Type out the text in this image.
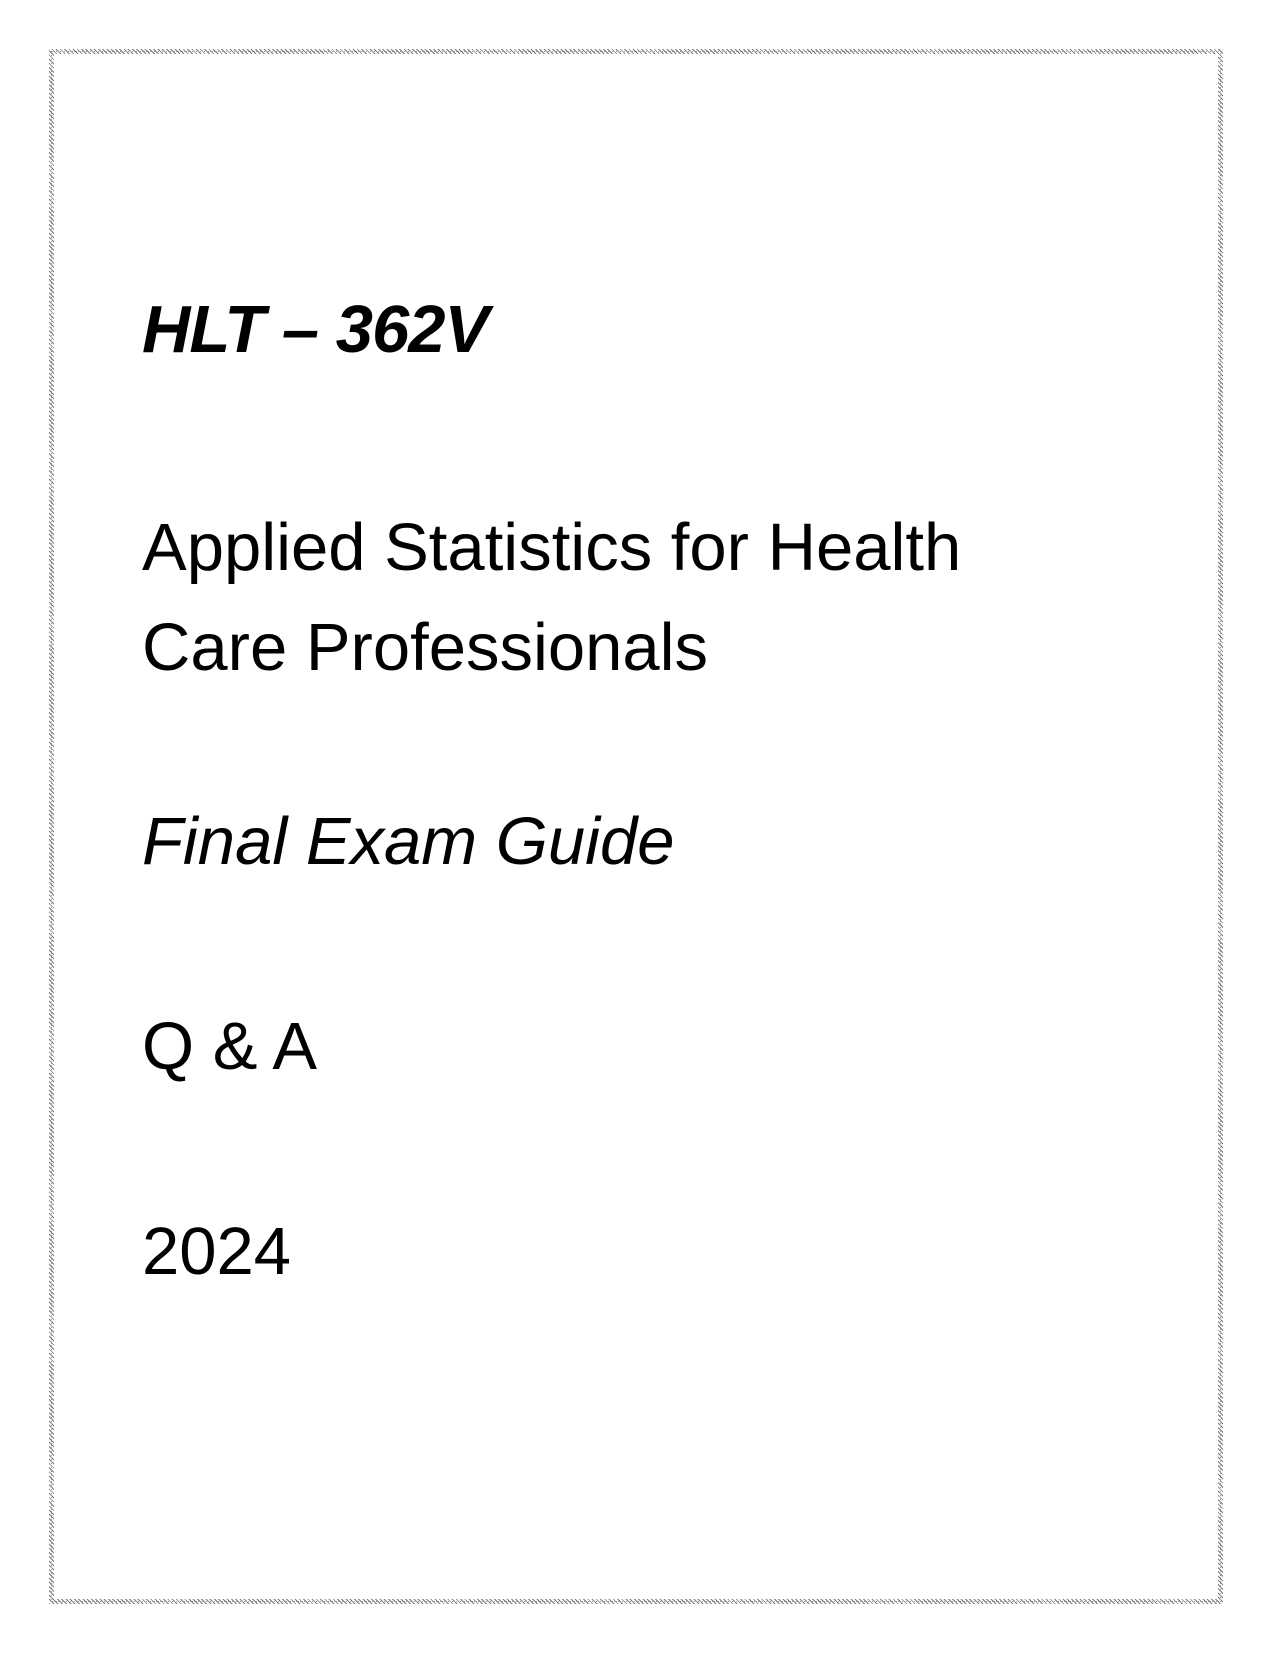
HLT – 362V
Applied Statistics for Health Care Professionals
Final Exam Guide
Q & A
2024
